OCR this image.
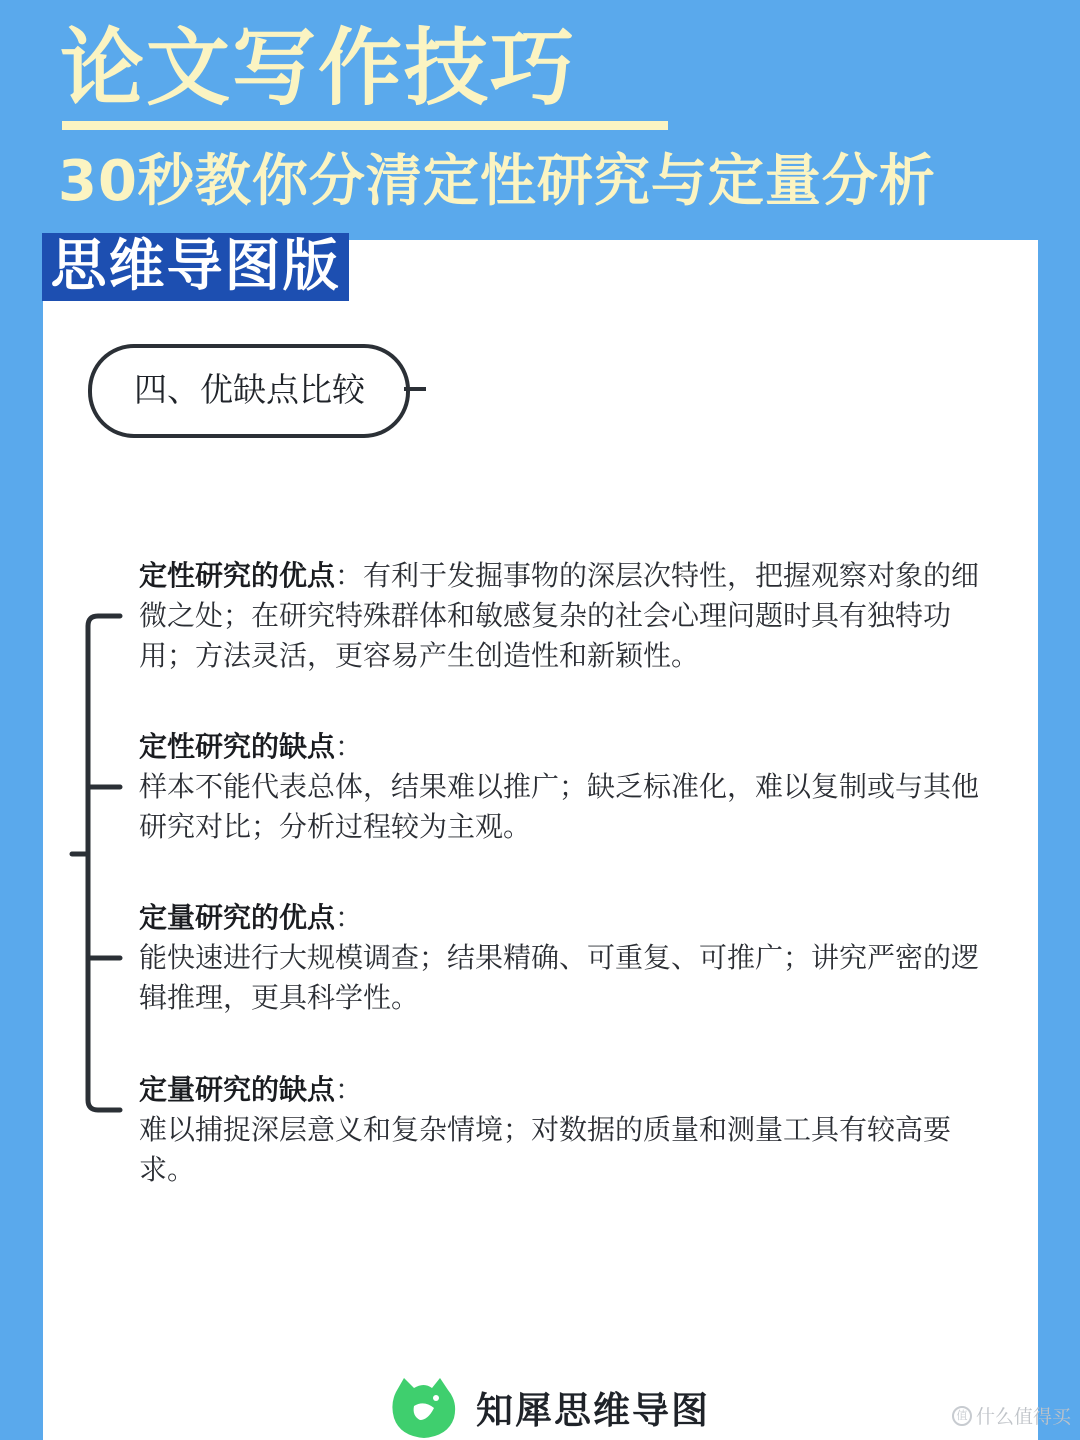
论文写作技巧
30秒教你分清定性研究与定量分析
思维导图版
四、优缺点比较
定性研究的优点：有利于发掘事物的深层次特性，把握观察对象的细微之处；在研究特殊群体和敏感复杂的社会心理问题时具有独特功用；方法灵活，更容易产生创造性和新颖性。
定性研究的缺点：
样本不能代表总体，结果难以推广；缺乏标准化，难以复制或与其他研究对比；分析过程较为主观。
定量研究的优点：
能快速进行大规模调查；结果精确、可重复、可推广；讲究严密的逻辑推理，更具科学性。
定量研究的缺点：
难以捕捉深层意义和复杂情境；对数据的质量和测量工具有较高要求。
知犀思维导图	值 什么值得买
